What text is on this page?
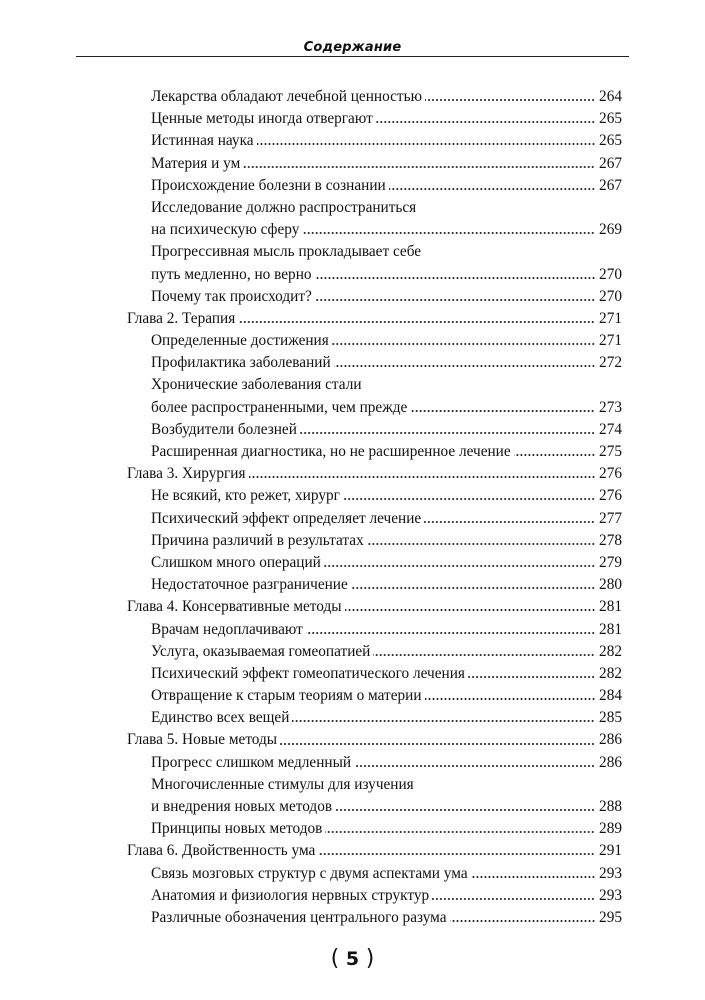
Содержание
Лекарства обладают лечебной ценностью	264
Ценные методы иногда отвергают	265
Истинная наука	265
Материя и ум	267
Происхождение болезни в сознании	267
Исследование должно распространиться
на психическую сферу	269
Прогрессивная мысль прокладывает себе
путь медленно, но верно	270
Почему так происходит?	270
Глава 2. Терапия	271
Определенные достижения	271
Профилактика заболеваний	272
Хронические заболевания стали
более распространенными, чем прежде	273
Возбудители болезней	274
Расширенная диагностика, но не расширенное лечение	275
Глава 3. Хирургия	276
Не всякий, кто режет, хирург	276
Психический эффект определяет лечение	277
Причина различий в результатах	278
Слишком много операций	279
Недостаточное разграничение	280
Глава 4. Консервативные методы	281
Врачам недоплачивают	281
Услуга, оказываемая гомеопатией	282
Психический эффект гомеопатического лечения	282
Отвращение к старым теориям о материи	284
Единство всех вещей	285
Глава 5. Новые методы	286
Прогресс слишком медленный	286
Многочисленные стимулы для изучения
и внедрения новых методов	288
Принципы новых методов	289
Глава 6. Двойственность ума	291
Связь мозговых структур с двумя аспектами ума	293
Анатомия и физиология нервных структур	293
Различные обозначения центрального разума	295
( 5 )
